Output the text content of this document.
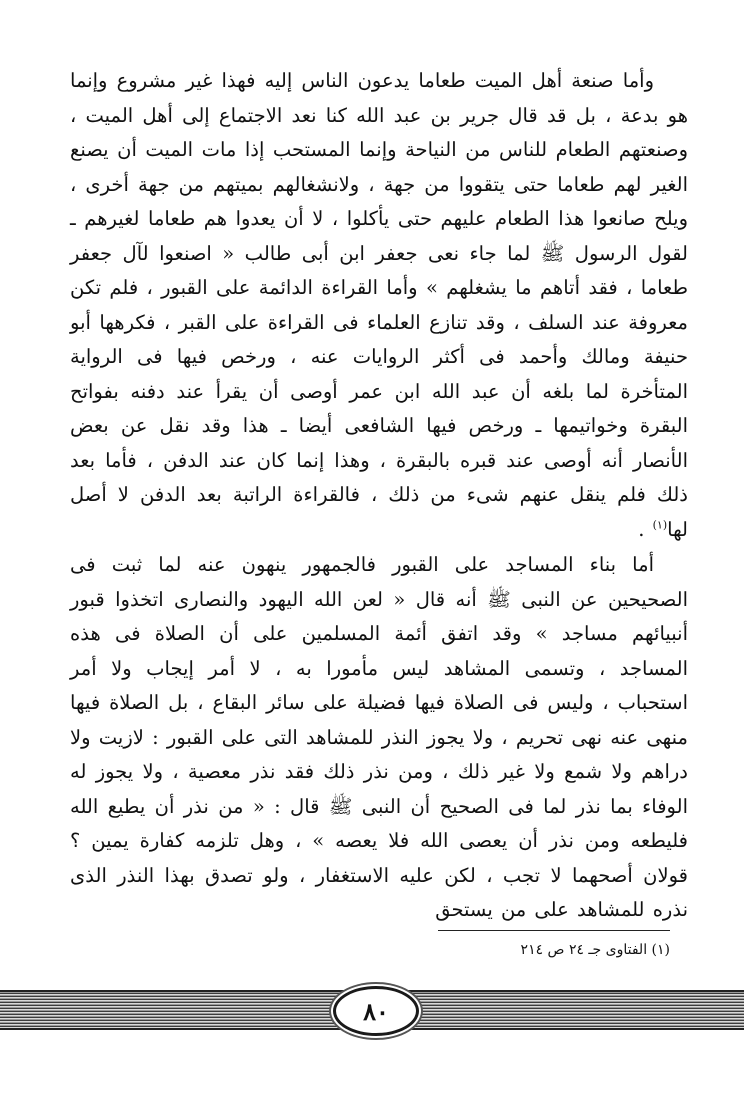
وأما صنعة أهل الميت طعاما يدعون الناس إليه فهذا غير مشروع وإنما هو بدعة ، بل قد قال جرير بن عبد الله كنا نعد الاجتماع إلى أهل الميت ، وصنعتهم الطعام للناس من النياحة وإنما المستحب إذا مات الميت أن يصنع الغير لهم طعاما حتى يتقووا من جهة ، ولانشغالهم بميتهم من جهة أخرى ، ويلح صانعوا هذا الطعام عليهم حتى يأكلوا ، لا أن يعدوا هم طعاما لغيرهم ـ لقول الرسول ﷺ لما جاء نعى جعفر ابن أبى طالب « اصنعوا لآل جعفر طعاما ، فقد أتاهم ما يشغلهم » وأما القراءة الدائمة على القبور ، فلم تكن معروفة عند السلف ، وقد تنازع العلماء فى القراءة على القبر ، فكرهها أبو حنيفة ومالك وأحمد فى أكثر الروايات عنه ، ورخص فيها فى الرواية المتأخرة لما بلغه أن عبد الله ابن عمر أوصى أن يقرأ عند دفنه بفواتح البقرة وخواتيمها ـ ورخص فيها الشافعى أيضا ـ هذا وقد نقل عن بعض الأنصار أنه أوصى عند قبره بالبقرة ، وهذا إنما كان عند الدفن ، فأما بعد ذلك فلم ينقل عنهم شىء من ذلك ، فالقراءة الراتبة بعد الدفن لا أصل لها$^{(١)}$ .

أما بناء المساجد على القبور فالجمهور ينهون عنه لما ثبت فى الصحيحين عن النبى ﷺ أنه قال « لعن الله اليهود والنصارى اتخذوا قبور أنبيائهم مساجد » وقد اتفق أئمة المسلمين على أن الصلاة فى هذه المساجد ، وتسمى المشاهد ليس مأمورا به ، لا أمر إيجاب ولا أمر استحباب ، وليس فى الصلاة فيها فضيلة على سائر البقاع ، بل الصلاة فيها منهى عنه نهى تحريم ، ولا يجوز النذر للمشاهد التى على القبور : لازيت ولا دراهم ولا شمع ولا غير ذلك ، ومن نذر ذلك فقد نذر معصية ، ولا يجوز له الوفاء بما نذر لما فى الصحيح أن النبى ﷺ قال : « من نذر أن يطيع الله فليطعه ومن نذر أن يعصى الله فلا يعصه » ، وهل تلزمه كفارة يمين ؟ قولان أصحهما لا تجب ، لكن عليه الاستغفار ، ولو تصدق بهذا النذر الذى نذره للمشاهد على من يستحق

(١) الفتاوى جـ ٢٤ ص ٢١٤
٨٠
